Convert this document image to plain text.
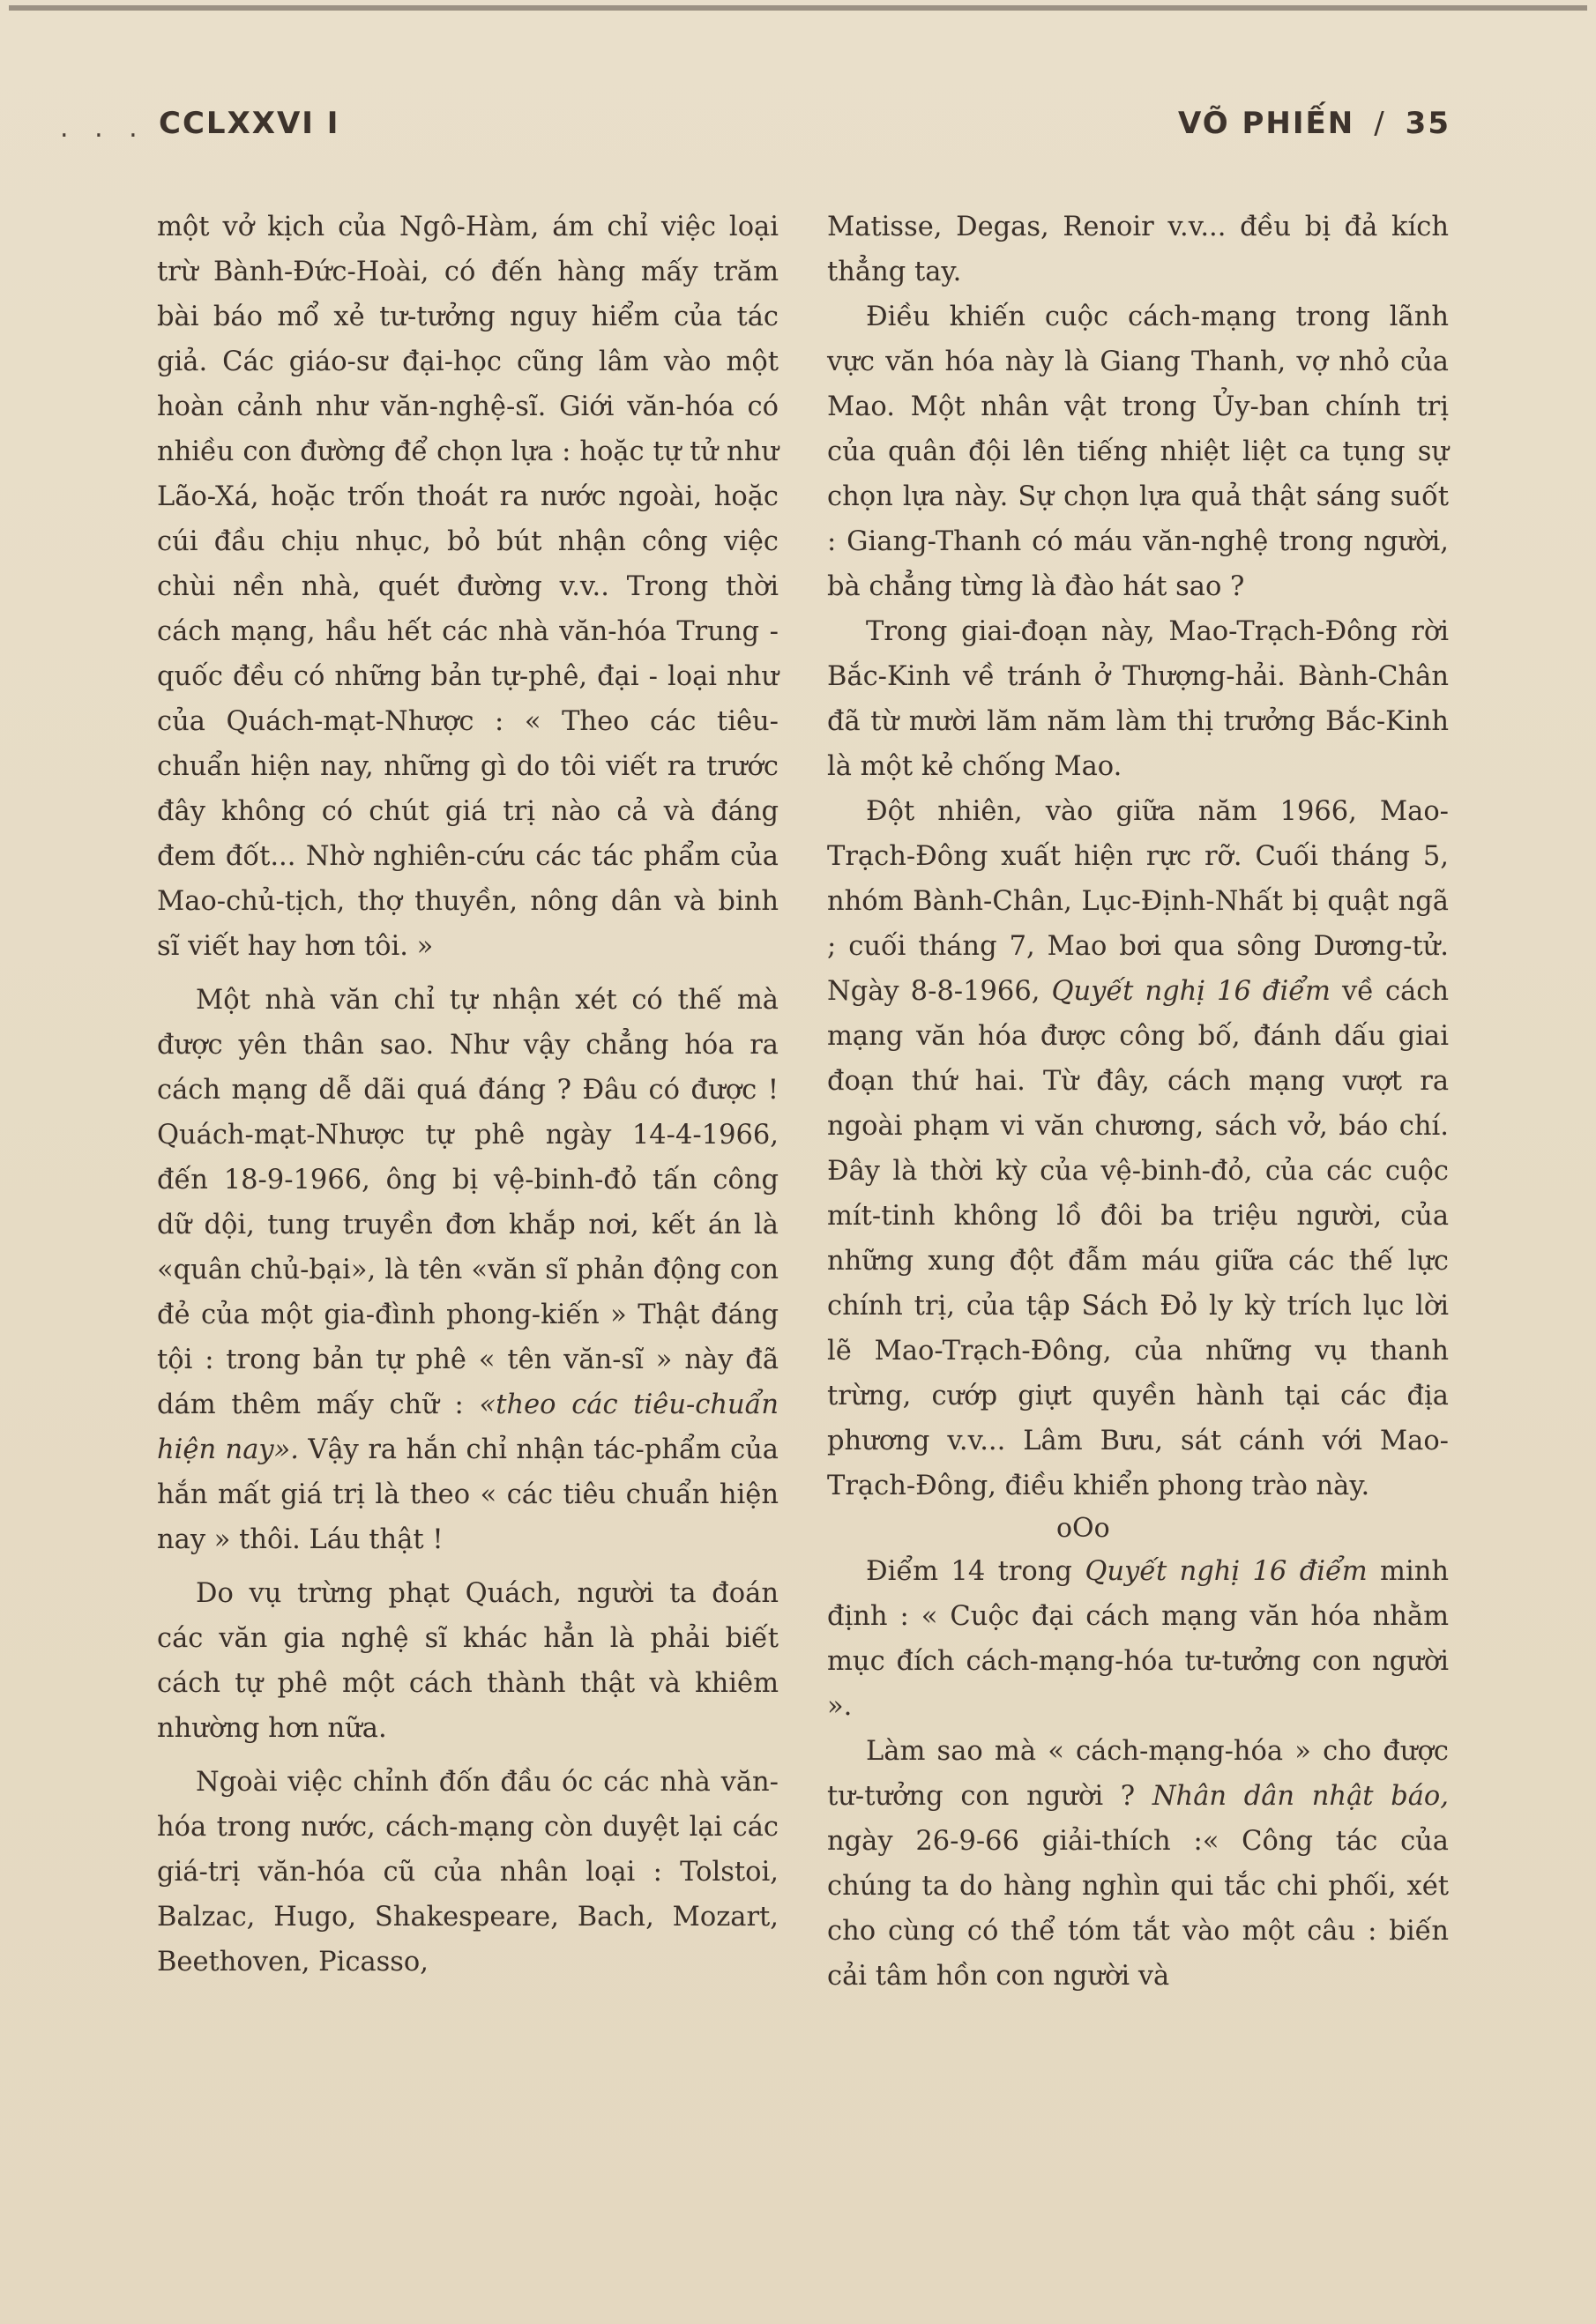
. . . CCLXXVI I	VÕ PHIẾN / 35

một vở kịch của Ngô-Hàm, ám chỉ việc loại trừ Bành-Đức-Hoài, có đến hàng mấy trăm bài báo mổ xẻ tư-tưởng nguy hiểm của tác giả. Các giáo-sư đại-học cũng lâm vào một hoàn cảnh như văn-nghệ-sĩ. Giới văn-hóa có nhiều con đường để chọn lựa : hoặc tự tử như Lão-Xá, hoặc trốn thoát ra nước ngoài, hoặc cúi đầu chịu nhục, bỏ bút nhận công việc chùi nền nhà, quét đường v.v.. Trong thời cách mạng, hầu hết các nhà văn-hóa Trung - quốc đều có những bản tự-phê, đại - loại như của Quách-mạt-Nhược : « Theo các tiêu-chuẩn hiện nay, những gì do tôi viết ra trước đây không có chút giá trị nào cả và đáng đem đốt... Nhờ nghiên-cứu các tác phẩm của Mao-chủ-tịch, thợ thuyền, nông dân và binh sĩ viết hay hơn tôi. »

Một nhà văn chỉ tự nhận xét có thế mà được yên thân sao. Như vậy chẳng hóa ra cách mạng dễ dãi quá đáng ? Đâu có được ! Quách-mạt-Nhược tự phê ngày 14-4-1966, đến 18-9-1966, ông bị vệ-binh-đỏ tấn công dữ dội, tung truyền đơn khắp nơi, kết án là «quân chủ-bại», là tên «văn sĩ phản động con đẻ của một gia-đình phong-kiến » Thật đáng tội : trong bản tự phê « tên văn-sĩ » này đã dám thêm mấy chữ : «theo các tiêu-chuẩn hiện nay». Vậy ra hắn chỉ nhận tác-phẩm của hắn mất giá trị là theo « các tiêu chuẩn hiện nay » thôi. Láu thật !

Do vụ trừng phạt Quách, người ta đoán các văn gia nghệ sĩ khác hẳn là phải biết cách tự phê một cách thành thật và khiêm nhường hơn nữa.

Ngoài việc chỉnh đốn đầu óc các nhà văn-hóa trong nước, cách-mạng còn duyệt lại các giá-trị văn-hóa cũ của nhân loại : Tolstoi, Balzac, Hugo, Shakespeare, Bach, Mozart, Beethoven, Picasso,

Matisse, Degas, Renoir v.v... đều bị đả kích thẳng tay.

Điều khiến cuộc cách-mạng trong lãnh vực văn hóa này là Giang Thanh, vợ nhỏ của Mao. Một nhân vật trong Ủy-ban chính trị của quân đội lên tiếng nhiệt liệt ca tụng sự chọn lựa này. Sự chọn lựa quả thật sáng suốt : Giang-Thanh có máu văn-nghệ trong người, bà chẳng từng là đào hát sao ?

Trong giai-đoạn này, Mao-Trạch-Đông rời Bắc-Kinh về tránh ở Thượng-hải. Bành-Chân đã từ mười lăm năm làm thị trưởng Bắc-Kinh là một kẻ chống Mao.

Đột nhiên, vào giữa năm 1966, Mao-Trạch-Đông xuất hiện rực rỡ. Cuối tháng 5, nhóm Bành-Chân, Lục-Định-Nhất bị quật ngã ; cuối tháng 7, Mao bơi qua sông Dương-tử. Ngày 8-8-1966, Quyết nghị 16 điểm về cách mạng văn hóa được công bố, đánh dấu giai đoạn thứ hai. Từ đây, cách mạng vượt ra ngoài phạm vi văn chương, sách vở, báo chí. Đây là thời kỳ của vệ-binh-đỏ, của các cuộc mít-tinh không lồ đôi ba triệu người, của những xung đột đẫm máu giữa các thế lực chính trị, của tập Sách Đỏ ly kỳ trích lục lời lẽ Mao-Trạch-Đông, của những vụ thanh trừng, cướp giựt quyền hành tại các địa phương v.v... Lâm Bưu, sát cánh với Mao-Trạch-Đông, điều khiển phong trào này.

oOo

Điểm 14 trong Quyết nghị 16 điểm minh định : « Cuộc đại cách mạng văn hóa nhằm mục đích cách-mạng-hóa tư-tưởng con người ».

Làm sao mà « cách-mạng-hóa » cho được tư-tưởng con người ? Nhân dân nhật báo, ngày 26-9-66 giải-thích :« Công tác của chúng ta do hàng nghìn qui tắc chi phối, xét cho cùng có thể tóm tắt vào một câu : biến cải tâm hồn con người và
